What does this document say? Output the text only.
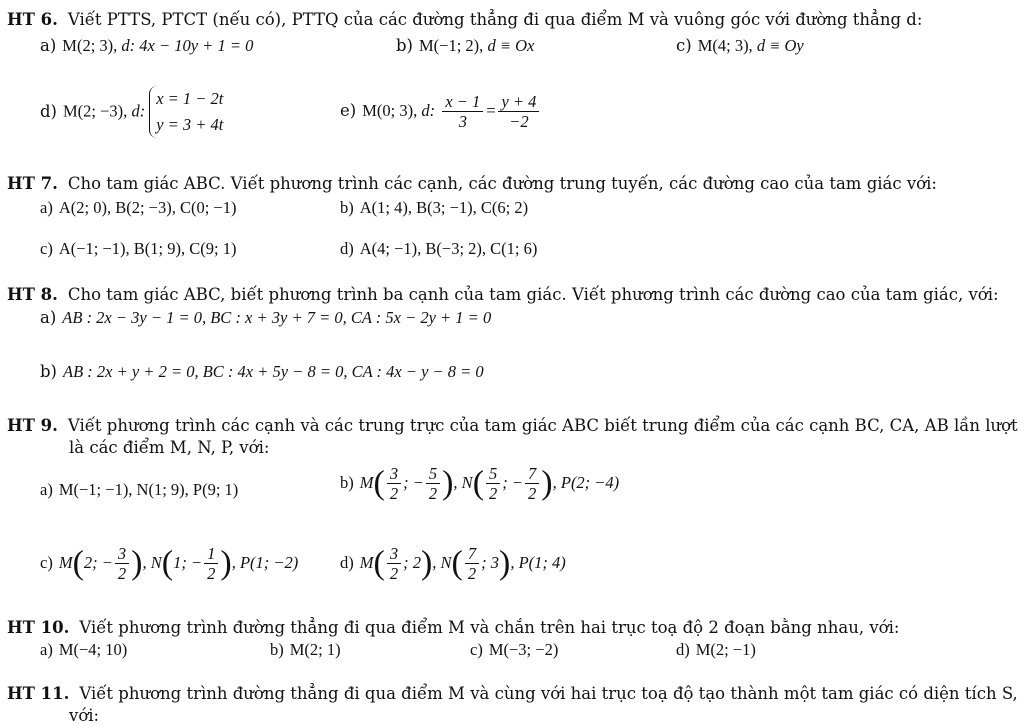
HT 6. Viết PTTS, PTCT (nếu có), PTTQ của các đường thẳng đi qua điểm M và vuông góc với đường thẳng d:
a) M(2; 3), d: 4x − 10y + 1 = 0	b) M(−1; 2), d ≡ Ox	c) M(4; 3), d ≡ Oy
d) M(2; −3), d:
x = 1 − 2t
y = 3 + 4t
e) M(0; 3), d: $\frac{x - 1}{3} = \frac{y + 4}{-2}$
HT 7. Cho tam giác ABC. Viết phương trình các cạnh, các đường trung tuyến, các đường cao của tam giác với:
a) A(2; 0), B(2; −3), C(0; −1)	b) A(1; 4), B(3; −1), C(6; 2)
c) A(−1; −1), B(1; 9), C(9; 1)	d) A(4; −1), B(−3; 2), C(1; 6)
HT 8. Cho tam giác ABC, biết phương trình ba cạnh của tam giác. Viết phương trình các đường cao của tam giác, với:
a) AB : 2x − 3y − 1 = 0, BC : x + 3y + 7 = 0, CA : 5x − 2y + 1 = 0
b) AB : 2x + y + 2 = 0, BC : 4x + 5y − 8 = 0, CA : 4x − y − 8 = 0
HT 9. Viết phương trình các cạnh và các trung trực của tam giác ABC biết trung điểm của các cạnh BC, CA, AB lần lượt
là các điểm M, N, P, với:
a) M(−1; −1), N(1; 9), P(9; 1)	b) $M( \frac{3}{2}$ ; − $\frac{5}{2}$ ), $N( \frac{5}{2}$ ; − $\frac{7}{2}$ ), P(2; −4)
c) M(2; − $\frac{3}{2}$ ), N(1; − $\frac{1}{2}$ ), P(1; −2)	d) $M( \frac{3}{2}$ ; 2), $N( \frac{7}{2}$ ; 3), P(1; 4)
HT 10. Viết phương trình đường thẳng đi qua điểm M và chắn trên hai trục toạ độ 2 đoạn bằng nhau, với:
a) M(−4; 10)	b) M(2; 1)	c) M(−3; −2)	d) M(2; −1)
HT 11. Viết phương trình đường thẳng đi qua điểm M và cùng với hai trục toạ độ tạo thành một tam giác có diện tích S,
với:
